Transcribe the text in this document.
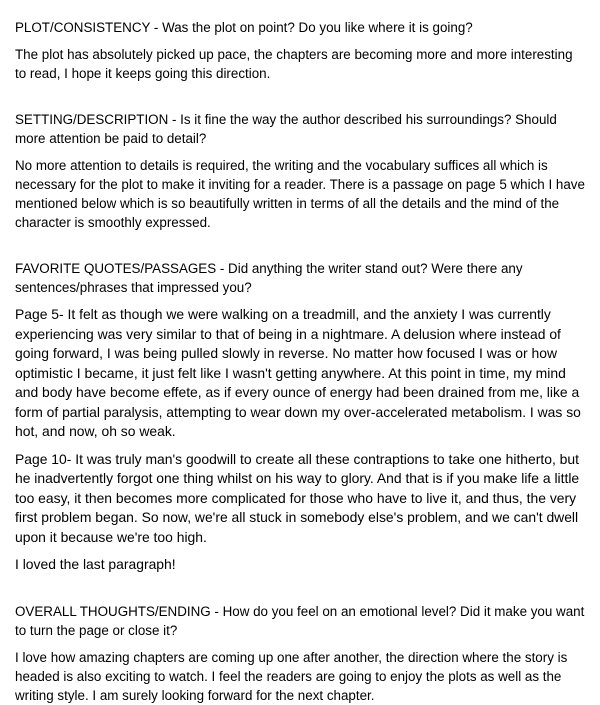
PLOT/CONSISTENCY - Was the plot on point? Do you like where it is going?

The plot has absolutely picked up pace, the chapters are becoming more and more interesting to read, I hope it keeps going this direction.

SETTING/DESCRIPTION - Is it fine the way the author described his surroundings? Should more attention be paid to detail?

No more attention to details is required, the writing and the vocabulary suffices all which is necessary for the plot to make it inviting for a reader. There is a passage on page 5 which I have mentioned below which is so beautifully written in terms of all the details and the mind of the character is smoothly expressed.

FAVORITE QUOTES/PASSAGES - Did anything the writer stand out? Were there any sentences/phrases that impressed you?

Page 5- It felt as though we were walking on a treadmill, and the anxiety I was currently experiencing was very similar to that of being in a nightmare. A delusion where instead of going forward, I was being pulled slowly in reverse. No matter how focused I was or how optimistic I became, it just felt like I wasn't getting anywhere. At this point in time, my mind and body have become effete, as if every ounce of energy had been drained from me, like a form of partial paralysis, attempting to wear down my over-accelerated metabolism. I was so hot, and now, oh so weak.

Page 10- It was truly man's goodwill to create all these contraptions to take one hitherto, but he inadvertently forgot one thing whilst on his way to glory. And that is if you make life a little too easy, it then becomes more complicated for those who have to live it, and thus, the very first problem began. So now, we're all stuck in somebody else's problem, and we can't dwell upon it because we're too high.

I loved the last paragraph!

OVERALL THOUGHTS/ENDING - How do you feel on an emotional level? Did it make you want to turn the page or close it?

I love how amazing chapters are coming up one after another, the direction where the story is headed is also exciting to watch. I feel the readers are going to enjoy the plots as well as the writing style. I am surely looking forward for the next chapter.
